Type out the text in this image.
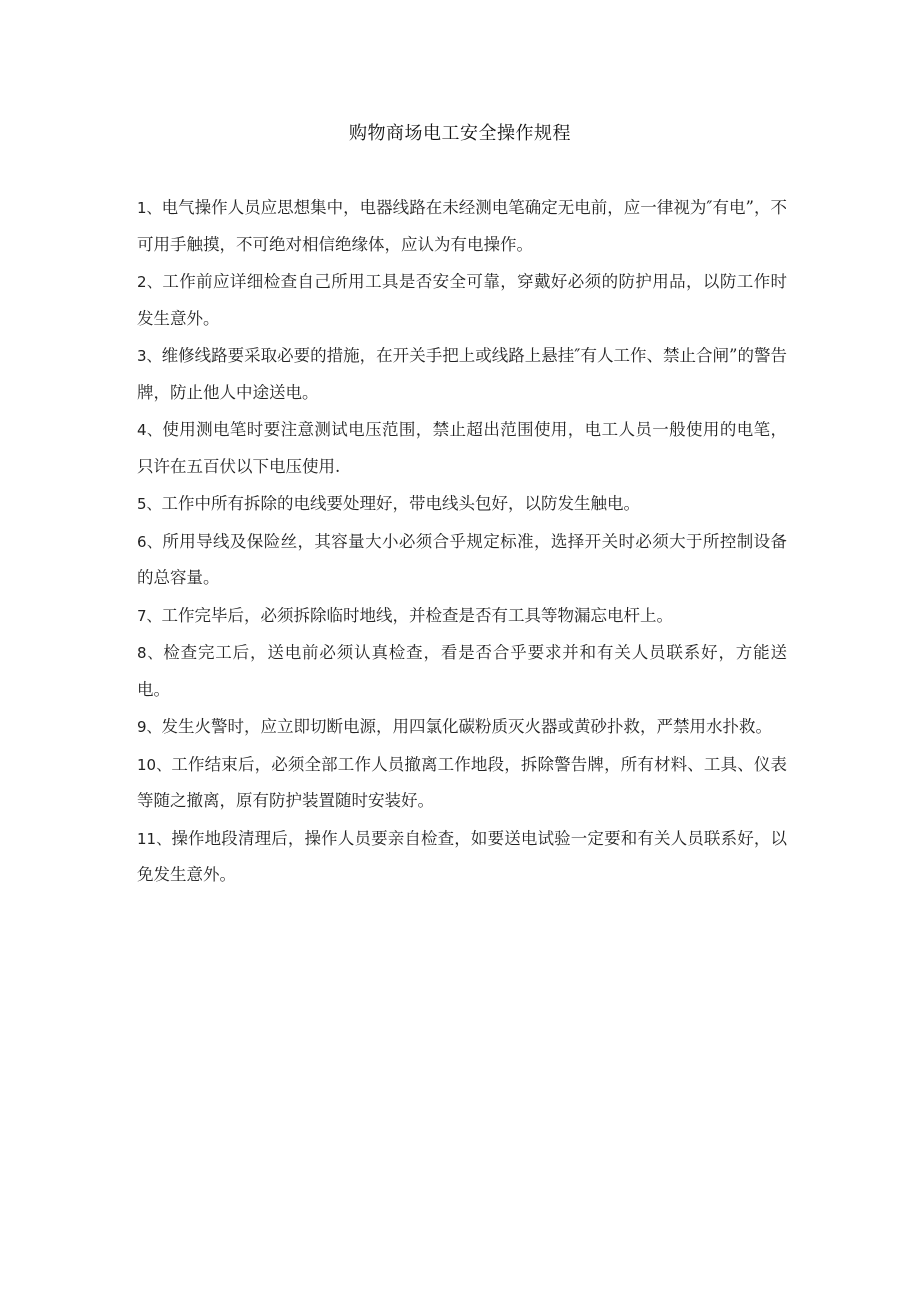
购物商场电工安全操作规程
1、电气操作人员应思想集中，电器线路在未经测电笔确定无电前，应一律视为″有电”，不可用手触摸，不可绝对相信绝缘体，应认为有电操作。
2、工作前应详细检查自己所用工具是否安全可靠，穿戴好必须的防护用品，以防工作时发生意外。
3、维修线路要采取必要的措施，在开关手把上或线路上悬挂″有人工作、禁止合闸”的警告牌，防止他人中途送电。
4、使用测电笔时要注意测试电压范围，禁止超出范围使用，电工人员一般使用的电笔，只许在五百伏以下电压使用.
5、工作中所有拆除的电线要处理好，带电线头包好，以防发生触电。
6、所用导线及保险丝，其容量大小必须合乎规定标准，选择开关时必须大于所控制设备的总容量。
7、工作完毕后，必须拆除临时地线，并检查是否有工具等物漏忘电杆上。
8、检查完工后，送电前必须认真检查，看是否合乎要求并和有关人员联系好，方能送电。
9、发生火警时，应立即切断电源，用四氯化碳粉质灭火器或黄砂扑救，严禁用水扑救。
10、工作结束后，必须全部工作人员撤离工作地段，拆除警告牌，所有材料、工具、仪表等随之撤离，原有防护装置随时安装好。
11、操作地段清理后，操作人员要亲自检查，如要送电试验一定要和有关人员联系好，以免发生意外。
